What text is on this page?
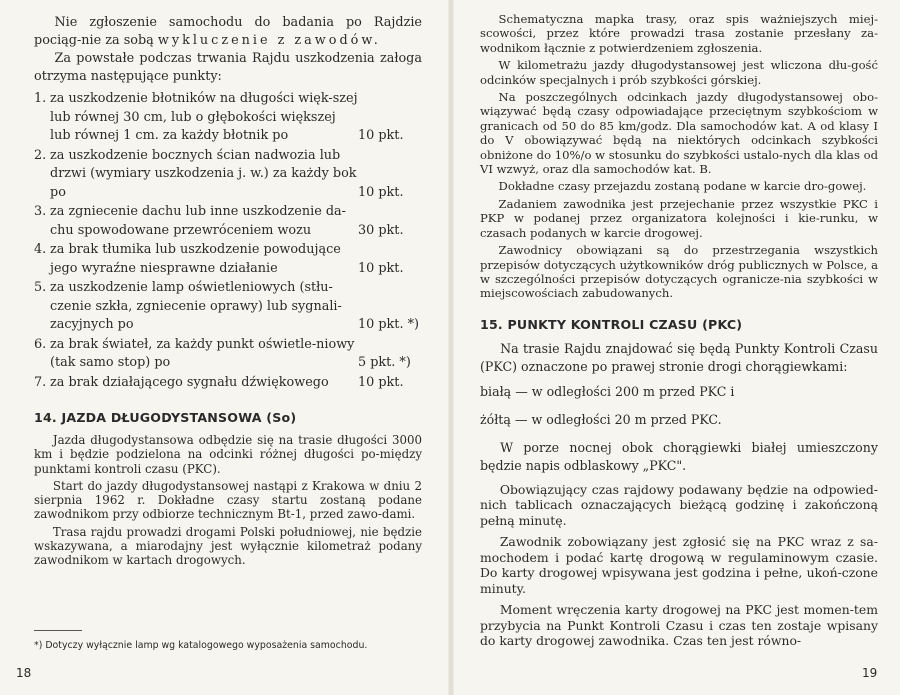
Nie zgłoszenie samochodu do badania po Rajdzie pociąg-nie za sobą wykluczenie z zawodów.

Za powstałe podczas trwania Rajdu uszkodzenia załoga otrzyma następujące punkty:

1. za uszkodzenie błotników na długości więk-szej lub równej 30 cm, lub o głębokości większej lub równej 1 cm. za każdy błotnik po	10 pkt.
2. za uszkodzenie bocznych ścian nadwozia lub drzwi (wymiary uszkodzenia j. w.) za każdy bok po	10 pkt.
3. za zgniecenie dachu lub inne uszkodzenie da-chu spowodowane przewróceniem wozu	30 pkt.
4. za brak tłumika lub uszkodzenie powodujące jego wyraźne niesprawne działanie	10 pkt.
5. za uszkodzenie lamp oświetleniowych (stłu-czenie szkła, zgniecenie oprawy) lub sygnali-zacyjnych po	10 pkt. *)
6. za brak świateł, za każdy punkt oświetle-niowy (tak samo stop) po	5 pkt. *)
7. za brak działającego sygnału dźwiękowego	10 pkt.
14. JAZDA DŁUGODYSTANSOWA (So)

Jazda długodystansowa odbędzie się na trasie długości 3000 km i będzie podzielona na odcinki różnej długości po-między punktami kontroli czasu (PKC).

Start do jazdy długodystansowej nastąpi z Krakowa w dniu 2 sierpnia 1962 r. Dokładne czasy startu zostaną podane zawodnikom przy odbiorze technicznym Bt-1, przed zawo-dami.

Trasa rajdu prowadzi drogami Polski południowej, nie będzie wskazywana, a miarodajny jest wyłącznie kilometraż podany zawodnikom w kartach drogowych.

*) Dotyczy wyłącznie lamp wg katalogowego wyposażenia samochodu.
18

Schematyczna mapka trasy, oraz spis ważniejszych miej-scowości, przez które prowadzi trasa zostanie przesłany za-wodnikom łącznie z potwierdzeniem zgłoszenia.

W kilometrażu jazdy długodystansowej jest wliczona dłu-gość odcinków specjalnych i prób szybkości górskiej.

Na poszczególnych odcinkach jazdy długodystansowej obo-wiązywać będą czasy odpowiadające przeciętnym szybkościom w granicach od 50 do 85 km/godz. Dla samochodów kat. A od klasy I do V obowiązywać będą na niektórych odcinkach szybkości obniżone do 10%/o w stosunku do szybkości ustalo-nych dla klas od VI wzwyż, oraz dla samochodów kat. B.

Dokładne czasy przejazdu zostaną podane w karcie dro-gowej.

Zadaniem zawodnika jest przejechanie przez wszystkie PKC i PKP w podanej przez organizatora kolejności i kie-runku, w czasach podanych w karcie drogowej.

Zawodnicy obowiązani są do przestrzegania wszystkich przepisów dotyczących użytkowników dróg publicznych w Polsce, a w szczególności przepisów dotyczących ogranicze-nia szybkości w miejscowościach zabudowanych.

15. PUNKTY KONTROLI CZASU (PKC)

Na trasie Rajdu znajdować się będą Punkty Kontroli Czasu (PKC) oznaczone po prawej stronie drogi chorągiewkami:

białą — w odległości 200 m przed PKC i

żółtą — w odległości 20 m przed PKC.

W porze nocnej obok chorągiewki białej umieszczony będzie napis odblaskowy „PKC".

Obowiązujący czas rajdowy podawany będzie na odpowied-nich tablicach oznaczających bieżącą godzinę i zakończoną pełną minutę.

Zawodnik zobowiązany jest zgłosić się na PKC wraz z sa-mochodem i podać kartę drogową w regulaminowym czasie. Do karty drogowej wpisywana jest godzina i pełne, ukoń-czone minuty.

Moment wręczenia karty drogowej na PKC jest momen-tem przybycia na Punkt Kontroli Czasu i czas ten zostaje wpisany do karty drogowej zawodnika. Czas ten jest równo-

19
